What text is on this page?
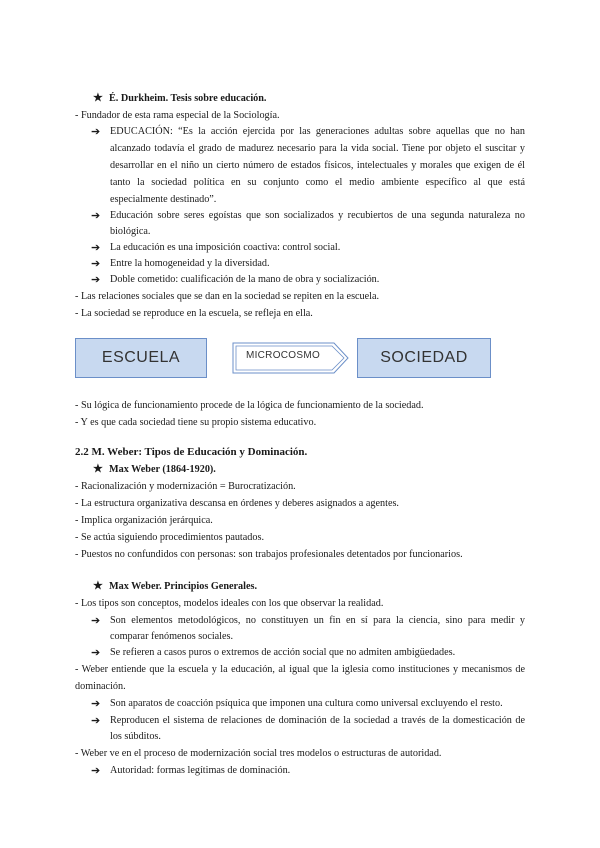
★ É. Durkheim. Tesis sobre educación.
- Fundador de esta rama especial de la Sociología.
➔ EDUCACIÓN: “Es la acción ejercida por las generaciones adultas sobre aquellas que no han
alcanzado todavía el grado de madurez necesario para la vida social. Tiene por objeto el suscitar y
desarrollar en el niño un cierto número de estados físicos, intelectuales y morales que exigen de él
tanto la sociedad política en su conjunto como el medio ambiente específico al que está
especialmente destinado”.
➔ Educación sobre seres egoístas que son socializados y recubiertos de una segunda naturaleza no
biológica.
➔ La educación es una imposición coactiva: control social.
➔ Entre la homogeneidad y la diversidad.
➔ Doble cometido: cualificación de la mano de obra y socialización.
- Las relaciones sociales que se dan en la sociedad se repiten en la escuela.
- La sociedad se reproduce en la escuela, se refleja en ella.
ESCUELA	MICROCOSMO	SOCIEDAD
- Su lógica de funcionamiento procede de la lógica de funcionamiento de la sociedad.
- Y es que cada sociedad tiene su propio sistema educativo.
2.2 M. Weber: Tipos de Educación y Dominación.
★ Max Weber (1864-1920).
- Racionalización y modernización = Burocratización.
- La estructura organizativa descansa en órdenes y deberes asignados a agentes.
- Implica organización jerárquica.
- Se actúa siguiendo procedimientos pautados.
- Puestos no confundidos con personas: son trabajos profesionales detentados por funcionarios.
★ Max Weber. Principios Generales.
- Los tipos son conceptos, modelos ideales con los que observar la realidad.
➔ Son elementos metodológicos, no constituyen un fin en sí para la ciencia, sino para medir y
comparar fenómenos sociales.
➔ Se refieren a casos puros o extremos de acción social que no admiten ambigüedades.
- Weber entiende que la escuela y la educación, al igual que la iglesia como instituciones y mecanismos de
dominación.
➔ Son aparatos de coacción psíquica que imponen una cultura como universal excluyendo el resto.
➔ Reproducen el sistema de relaciones de dominación de la sociedad a través de la domesticación de
los súbditos.
- Weber ve en el proceso de modernización social tres modelos o estructuras de autoridad.
➔ Autoridad: formas legítimas de dominación.
